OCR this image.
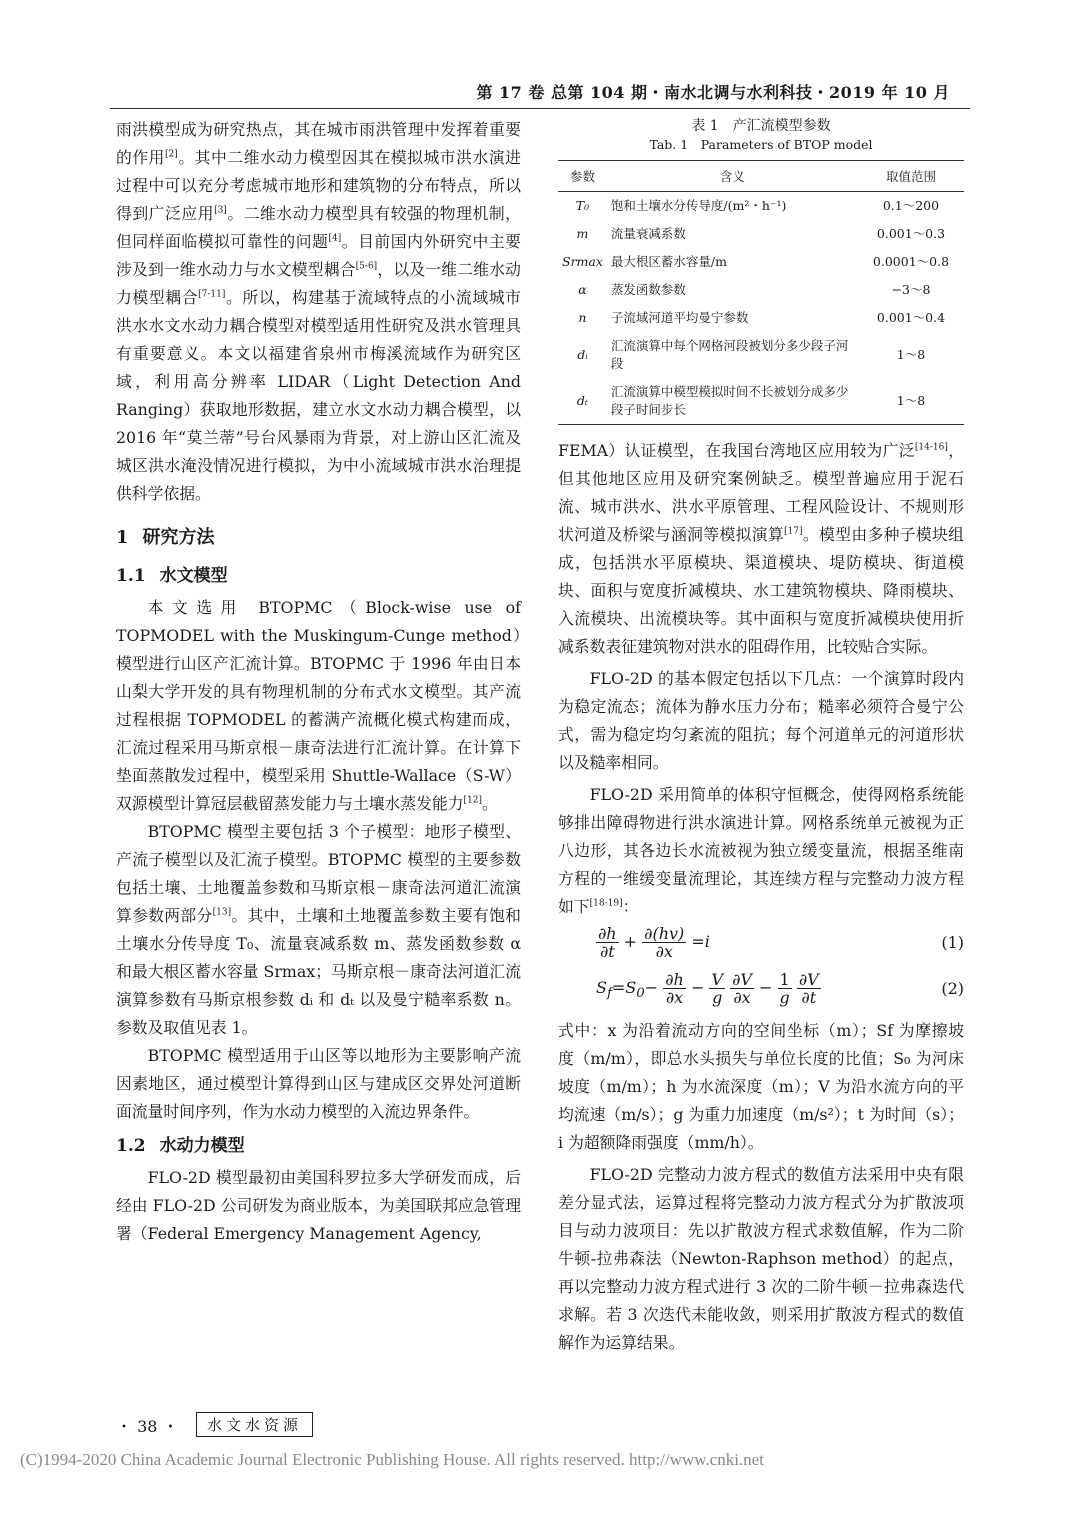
第 17 卷 总第 104 期・南水北调与水利科技・2019 年 10 月

雨洪模型成为研究热点，其在城市雨洪管理中发挥着重要的作用[2]。其中二维水动力模型因其在模拟城市洪水演进过程中可以充分考虑城市地形和建筑物的分布特点，所以得到广泛应用[3]。二维水动力模型具有较强的物理机制，但同样面临模拟可靠性的问题[4]。目前国内外研究中主要涉及到一维水动力与水文模型耦合[5-6]，以及一维二维水动力模型耦合[7-11]。所以，构建基于流域特点的小流域城市洪水水文水动力耦合模型对模型适用性研究及洪水管理具有重要意义。本文以福建省泉州市梅溪流域作为研究区域，利用高分辨率 LIDAR（Light Detection And Ranging）获取地形数据，建立水文水动力耦合模型，以 2016 年“莫兰蒂”号台风暴雨为背景，对上游山区汇流及城区洪水淹没情况进行模拟，为中小流域城市洪水治理提供科学依据。

1 研究方法
1.1 水文模型

本文选用 BTOPMC（Block-wise use of TOPMODEL with the Muskingum-Cunge method）模型进行山区产汇流计算。BTOPMC 于 1996 年由日本山梨大学开发的具有物理机制的分布式水文模型。其产流过程根据 TOPMODEL 的蓄满产流概化模式构建而成，汇流过程采用马斯京根－康奇法进行汇流计算。在计算下垫面蒸散发过程中，模型采用 Shuttle-Wallace（S-W）双源模型计算冠层截留蒸发能力与土壤水蒸发能力[12]。

BTOPMC 模型主要包括 3 个子模型：地形子模型、产流子模型以及汇流子模型。BTOPMC 模型的主要参数包括土壤、土地覆盖参数和马斯京根－康奇法河道汇流演算参数两部分[13]。其中，土壤和土地覆盖参数主要有饱和土壤水分传导度 T₀、流量衰减系数 m、蒸发函数参数 α 和最大根区蓄水容量 Srmax；马斯京根－康奇法河道汇流演算参数有马斯京根参数 dᵢ 和 dₜ 以及曼宁糙率系数 n。参数及取值见表 1。

BTOPMC 模型适用于山区等以地形为主要影响产流因素地区，通过模型计算得到山区与建成区交界处河道断面流量时间序列，作为水动力模型的入流边界条件。

1.2 水动力模型

FLO-2D 模型最初由美国科罗拉多大学研发而成，后经由 FLO-2D 公司研发为商业版本，为美国联邦应急管理署（Federal Emergency Management Agency,

表 1　产汇流模型参数
Tab. 1　Parameters of BTOP model
参数	含义	取值范围
T₀	饱和土壤水分传导度/(m²・h⁻¹)	0.1～200
m	流量衰减系数	0.001～0.3
Srmax	最大根区蓄水容量/m	0.0001～0.8
α	蒸发函数参数	−3～8
n	子流域河道平均曼宁参数	0.001～0.4
dᵢ	汇流演算中每个网格河段被划分多少段子河段	1～8
dₜ	汇流演算中模型模拟时间不长被划分成多少段子时间步长	1～8

FEMA）认证模型，在我国台湾地区应用较为广泛[14-16]，但其他地区应用及研究案例缺乏。模型普遍应用于泥石流、城市洪水、洪水平原管理、工程风险设计、不规则形状河道及桥梁与涵洞等模拟演算[17]。模型由多种子模块组成，包括洪水平原模块、渠道模块、堤防模块、街道模块、面积与宽度折减模块、水工建筑物模块、降雨模块、入流模块、出流模块等。其中面积与宽度折减模块使用折减系数表征建筑物对洪水的阻碍作用，比较贴合实际。

FLO-2D 的基本假定包括以下几点：一个演算时段内为稳定流态；流体为静水压力分布；糙率必须符合曼宁公式，需为稳定均匀紊流的阻抗；每个河道单元的河道形状以及糙率相同。

FLO-2D 采用简单的体积守恒概念，使得网格系统能够排出障碍物进行洪水演进计算。网格系统单元被视为正八边形，其各边长水流被视为独立缓变量流，根据圣维南方程的一维缓变量流理论，其连续方程与完整动力波方程如下[18-19]：

$\frac{\partial h}{\partial t} + \frac{\partial(hv)}{\partial x} =i$	(1)
$S_f=S_0- \frac{\partial h}{\partial x} - \frac{V}{g}$
$\frac{\partial V}{\partial x} - \frac{1}{g}$
$\frac{\partial V}{\partial t}$	(2)

式中：x 为沿着流动方向的空间坐标（m）；Sf 为摩擦坡度（m/m），即总水头损失与单位长度的比值；S₀ 为河床坡度（m/m）；h 为水流深度（m）；V 为沿水流方向的平均流速（m/s）；g 为重力加速度（m/s²）；t 为时间（s）；i 为超额降雨强度（mm/h）。

FLO-2D 完整动力波方程式的数值方法采用中央有限差分显式法，运算过程将完整动力波方程式分为扩散波项目与动力波项目：先以扩散波方程式求数值解，作为二阶牛顿-拉弗森法（Newton-Raphson method）的起点，再以完整动力波方程式进行 3 次的二阶牛顿－拉弗森迭代求解。若 3 次迭代未能收敛，则采用扩散波方程式的数值解作为运算结果。

・ 38 ・	水文水资源
(C)1994-2020 China Academic Journal Electronic Publishing House. All rights reserved. http://www.cnki.net
